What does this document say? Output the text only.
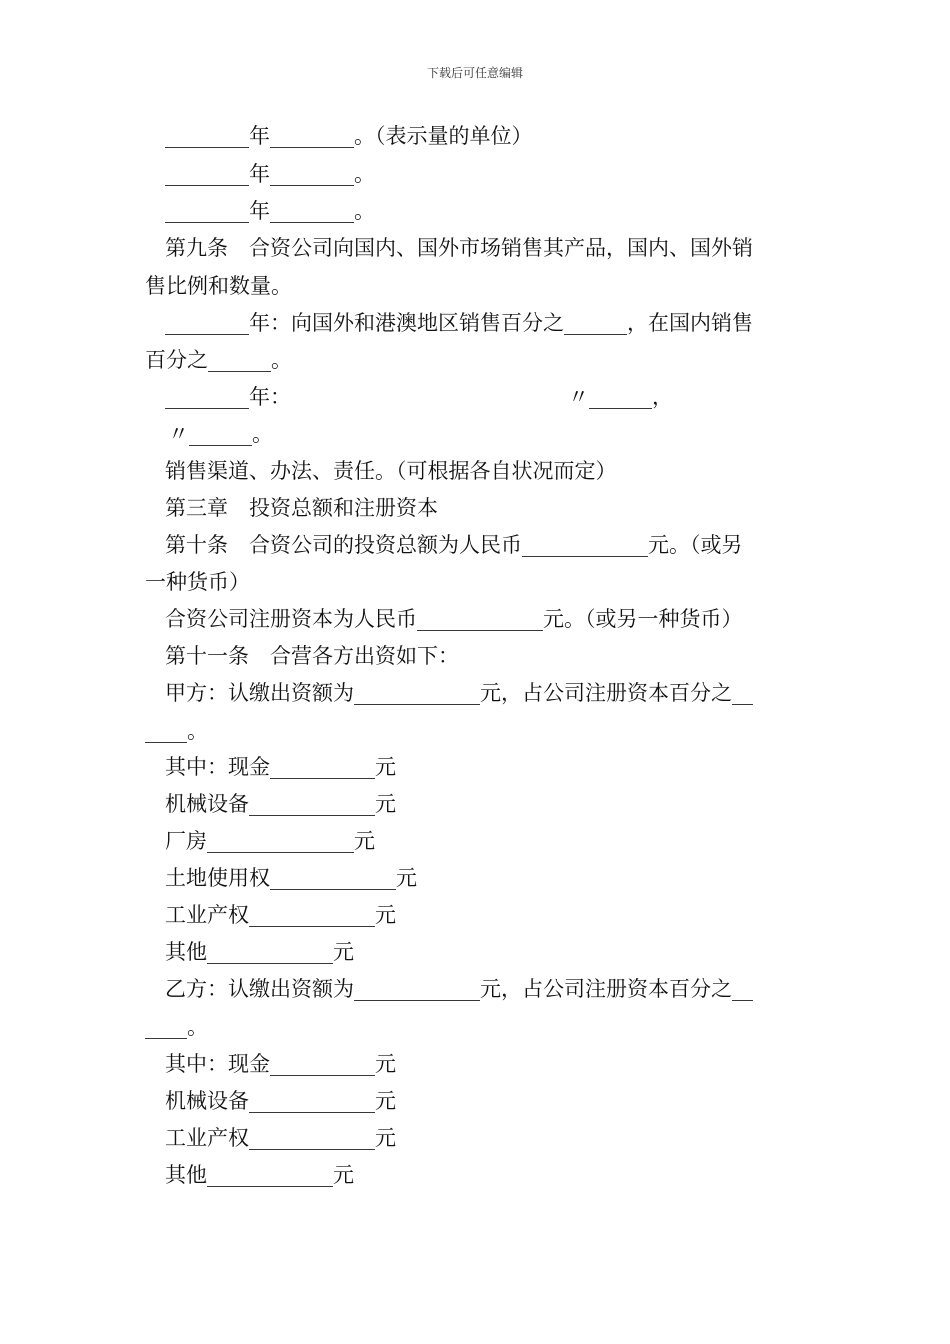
下载后可任意编辑
________年________。（表示量的单位）
________年________。
________年________。
第九条　合资公司向国内、国外市场销售其产品，国内、国外销
售比例和数量。
________年：向国外和港澳地区销售百分之______，在国内销售
百分之______。
________年：	〃______，
〃______。
销售渠道、办法、责任。（可根据各自状况而定）
第三章　投资总额和注册资本
第十条　合资公司的投资总额为人民币____________元。（或另
一种货币）
合资公司注册资本为人民币____________元。（或另一种货币）
第十一条　合营各方出资如下：
甲方：认缴出资额为____________元，占公司注册资本百分之__
____。
其中：现金__________元
机械设备____________元
厂房______________元
土地使用权____________元
工业产权____________元
其他____________元
乙方：认缴出资额为____________元，占公司注册资本百分之__
____。
其中：现金__________元
机械设备____________元
工业产权____________元
其他____________元
